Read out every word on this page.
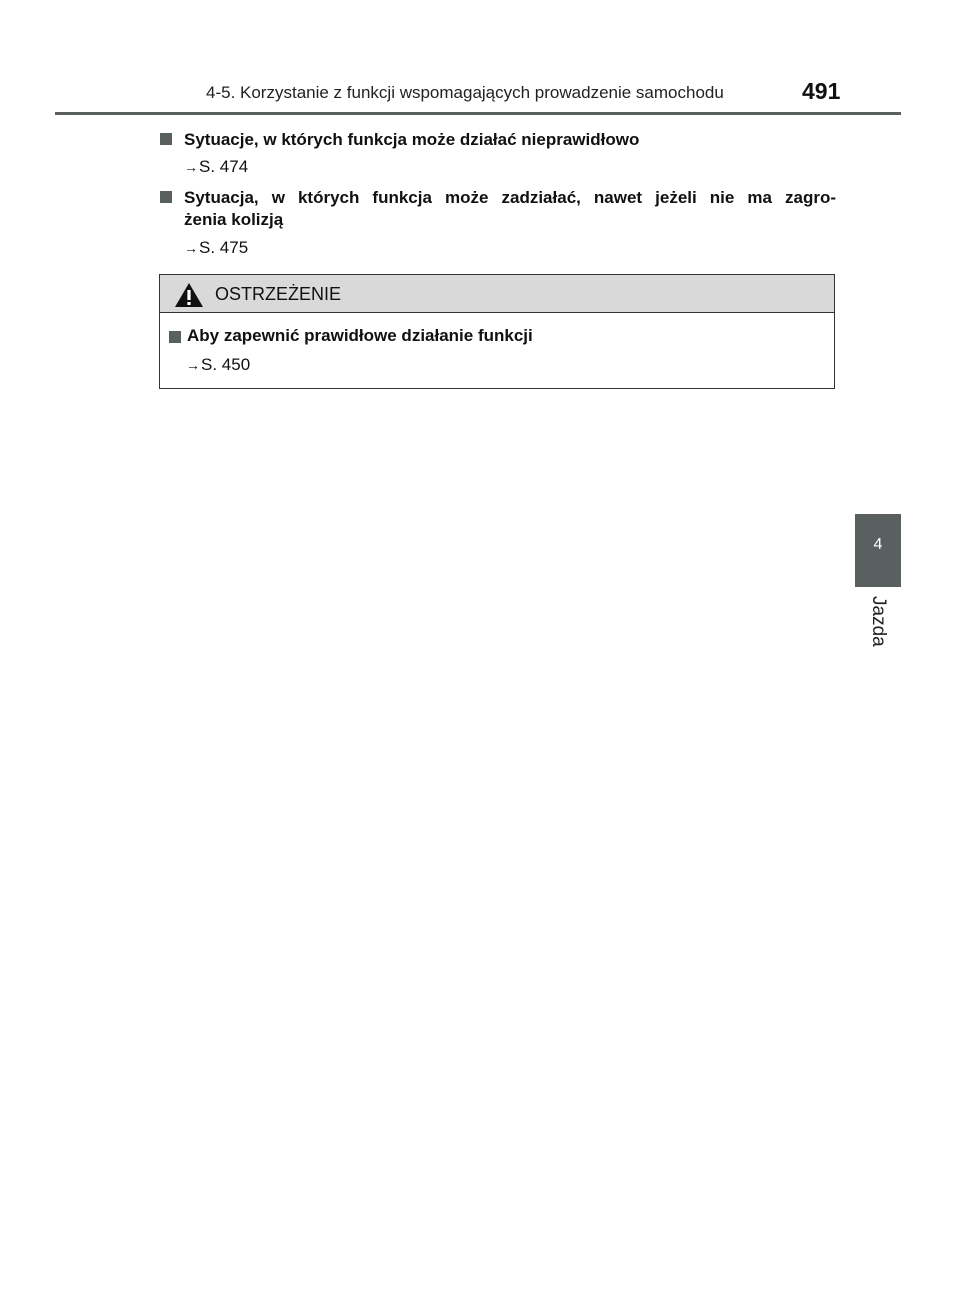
4-5. Korzystanie z funkcji wspomagających prowadzenie samochodu	491
Sytuacje, w których funkcja może działać nieprawidłowo
→S. 474
Sytuacja, w których funkcja może zadziałać, nawet jeżeli nie ma zagro-
żenia kolizją
→S. 475
OSTRZEŻENIE
Aby zapewnić prawidłowe działanie funkcji
→S. 450
4
Jazda
